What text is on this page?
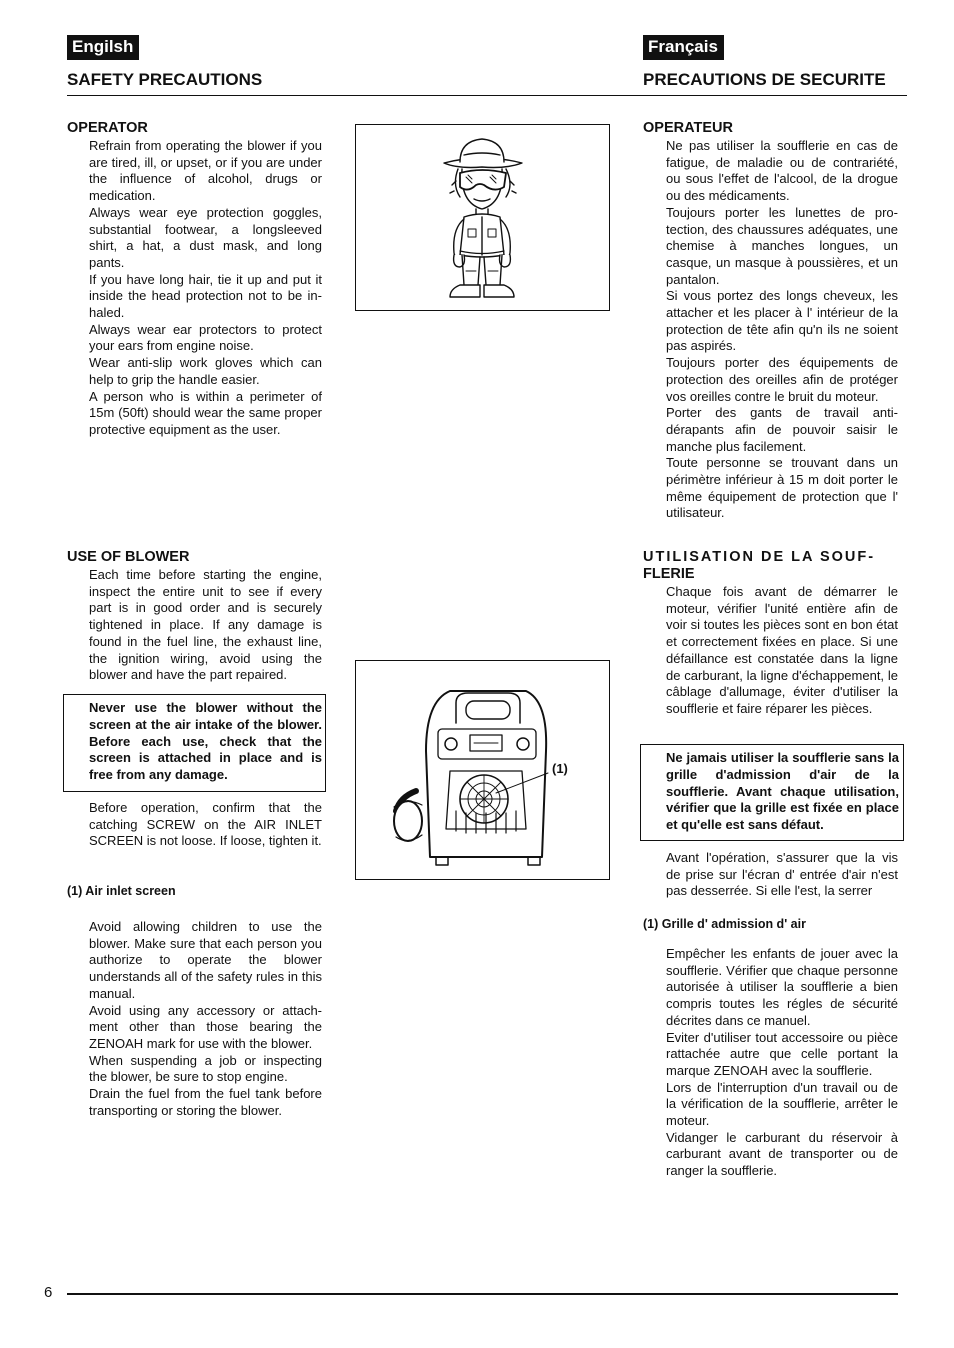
Engilsh	Français
SAFETY PRECAUTIONS	PRECAUTIONS DE SECURITE
OPERATOR

Refrain from operating the blower if you are tired, ill, or upset, or if you are under the influence of alcohol, drugs or medication.

Always wear eye protection goggles, substantial footwear, a longsleeved shirt, a hat, a dust mask, and long pants.

If you have long hair, tie it up and put it inside the head protection not to be in-haled.

Always wear ear protectors to protect your ears from engine noise.

Wear anti-slip work gloves which can help to grip the handle easier.

A person who is within a perimeter of 15m (50ft) should wear the same proper protective equipment as the user.

USE OF BLOWER

Each time before starting the engine, inspect the entire unit to see if every part is in good order and is securely tightened in place. If any damage is found in the fuel line, the exhaust line, the ignition wiring, avoid using the blower and have the part repaired.

Never use the blower without the screen at the air intake of the blower. Before each use, check that the screen is attached in place and is free from any damage.

Before operation, confirm that the catching SCREW on the AIR INLET SCREEN is not loose. If loose, tighten it.

(1) Air inlet screen

Avoid allowing children to use the blower. Make sure that each person you authorize to operate the blower understands all of the safety rules in this manual.

Avoid using any accessory or attach-ment other than those bearing the ZENOAH mark for use with the blower.

When suspending a job or inspecting the blower, be sure to stop engine.

Drain the fuel from the fuel tank before transporting or storing the blower.

(1)
OPERATEUR

Ne pas utiliser la soufflerie en cas de fatigue, de maladie ou de contrariété, ou sous l'effet de l'alcool, de la drogue ou des médicaments.

Toujours porter les lunettes de pro-tection, des chaussures adéquates, une chemise à manches longues, un casque, un masque à poussières, et un pantalon.

Si vous portez des longs cheveux, les attacher et les placer à l' intérieur de la protection de tête afin qu'n ils ne soient pas aspirés.

Toujours porter des équipements de protection des oreilles afin de protéger vos oreilles contre le bruit du moteur.

Porter des gants de travail anti-dérapants afin de pouvoir saisir le manche plus facilement.

Toute personne se trouvant dans un périmètre inférieur à 15 m doit porter le même équipement de protection que l' utilisateur.

UTILISATION DE LA SOUF-
FLERIE

Chaque fois avant de démarrer le moteur, vérifier l'unité entière afin de voir si toutes les pièces sont en bon état et correctement fixées en place. Si une défaillance est constatée dans la ligne de carburant, la ligne d'échappement, le câblage d'allumage, éviter d'utiliser la soufflerie et faire réparer les pièces.

Ne jamais utiliser la soufflerie sans la grille d'admission d'air de la soufflerie. Avant chaque utilisation, vérifier que la grille est fixée en place et qu'elle est sans défaut.

Avant l'opération, s'assurer que la vis de prise sur l'écran d' entrée d'air n'est pas desserrée. Si elle l'est, la serrer

(1) Grille d' admission d' air

Empêcher les enfants de jouer avec la soufflerie. Vérifier que chaque personne autorisée à utiliser la soufflerie a bien compris toutes les régles de sécurité décrites dans ce manuel.

Eviter d'utiliser tout accessoire ou pièce rattachée autre que celle portant la marque ZENOAH avec la soufflerie.

Lors de l'interruption d'un travail ou de la vérification de la soufflerie, arrêter le moteur.

Vidanger le carburant du réservoir à carburant avant de transporter ou de ranger la soufflerie.

6
